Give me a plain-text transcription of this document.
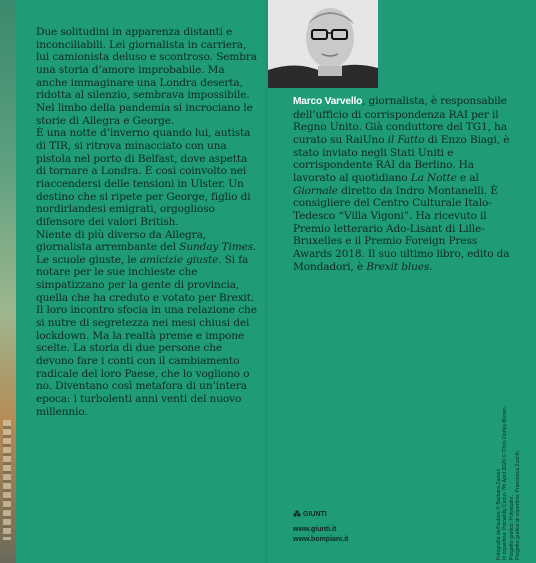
Due solitudini in apparenza distanti e inconciliabili. Lei giornalista in carriera, lui camionista deluso e scontroso. Sembra una storia d’amore improbabile. Ma anche immaginare una Londra deserta, ridotta al silenzio, sembrava impossibile. Nel limbo della pandemia si incrociano le storie di Allegra e George.

È una notte d’inverno quando lui, autista di TIR, si ritrova minacciato con una pistola nel porto di Belfast, dove aspetta di tornare a Londra. È così coinvolto nei riaccendersi delle tensioni in Ulster. Un destino che si ripete per George, figlio di nordirlandesi emigrati, orgoglioso difensore dei valori British.

Niente di più diverso da Allegra, giornalista arrembante del Sunday Times. Le scuole giuste, le amicizie giuste. Si fa notare per le sue inchieste che simpatizzano per la gente di provincia, quella che ha creduto e votato per Brexit.

Il loro incontro sfocia in una relazione che si nutre di segretezza nei mesi chiusi dei lockdown. Ma la realtà preme e impone scelte. La storia di due persone che devono fare i conti con il cambiamento radicale del loro Paese, che lo vogliono o no. Diventano così metafora di un’intera epoca: i turbolenti anni venti del nuovo millennio.

Marco Varvello, giornalista, è responsabile dell’ufficio di corrispondenza RAI per il Regno Unito. Già conduttore del TG1, ha curato su RaiUno il Fatto di Enzo Biagi, è stato inviato negli Stati Uniti e corrispondente RAI da Berlino. Ha lavorato al quotidiano La Notte e al Giornale diretto da Indro Montanelli. È consigliere del Centro Culturale Italo-Tedesco “Villa Vigoni”. Ha ricevuto il Premio letterario Ado-Lisant di Lille-Bruxelles e il Premio Foreign Press Awards 2018. Il suo ultimo libro, edito da Mondadori, è Brexit blues.

GIUNTI
www.giunti.it
www.bompiani.it	Fotografia dell’autore © Barbara Zanoni In copertina: Piccadilly Circus 7th April 2020 © Chris Dorley-Brown. Progetto grafico: Polystudio. Progetto grafico di copertina: Francesca Zucchi.
